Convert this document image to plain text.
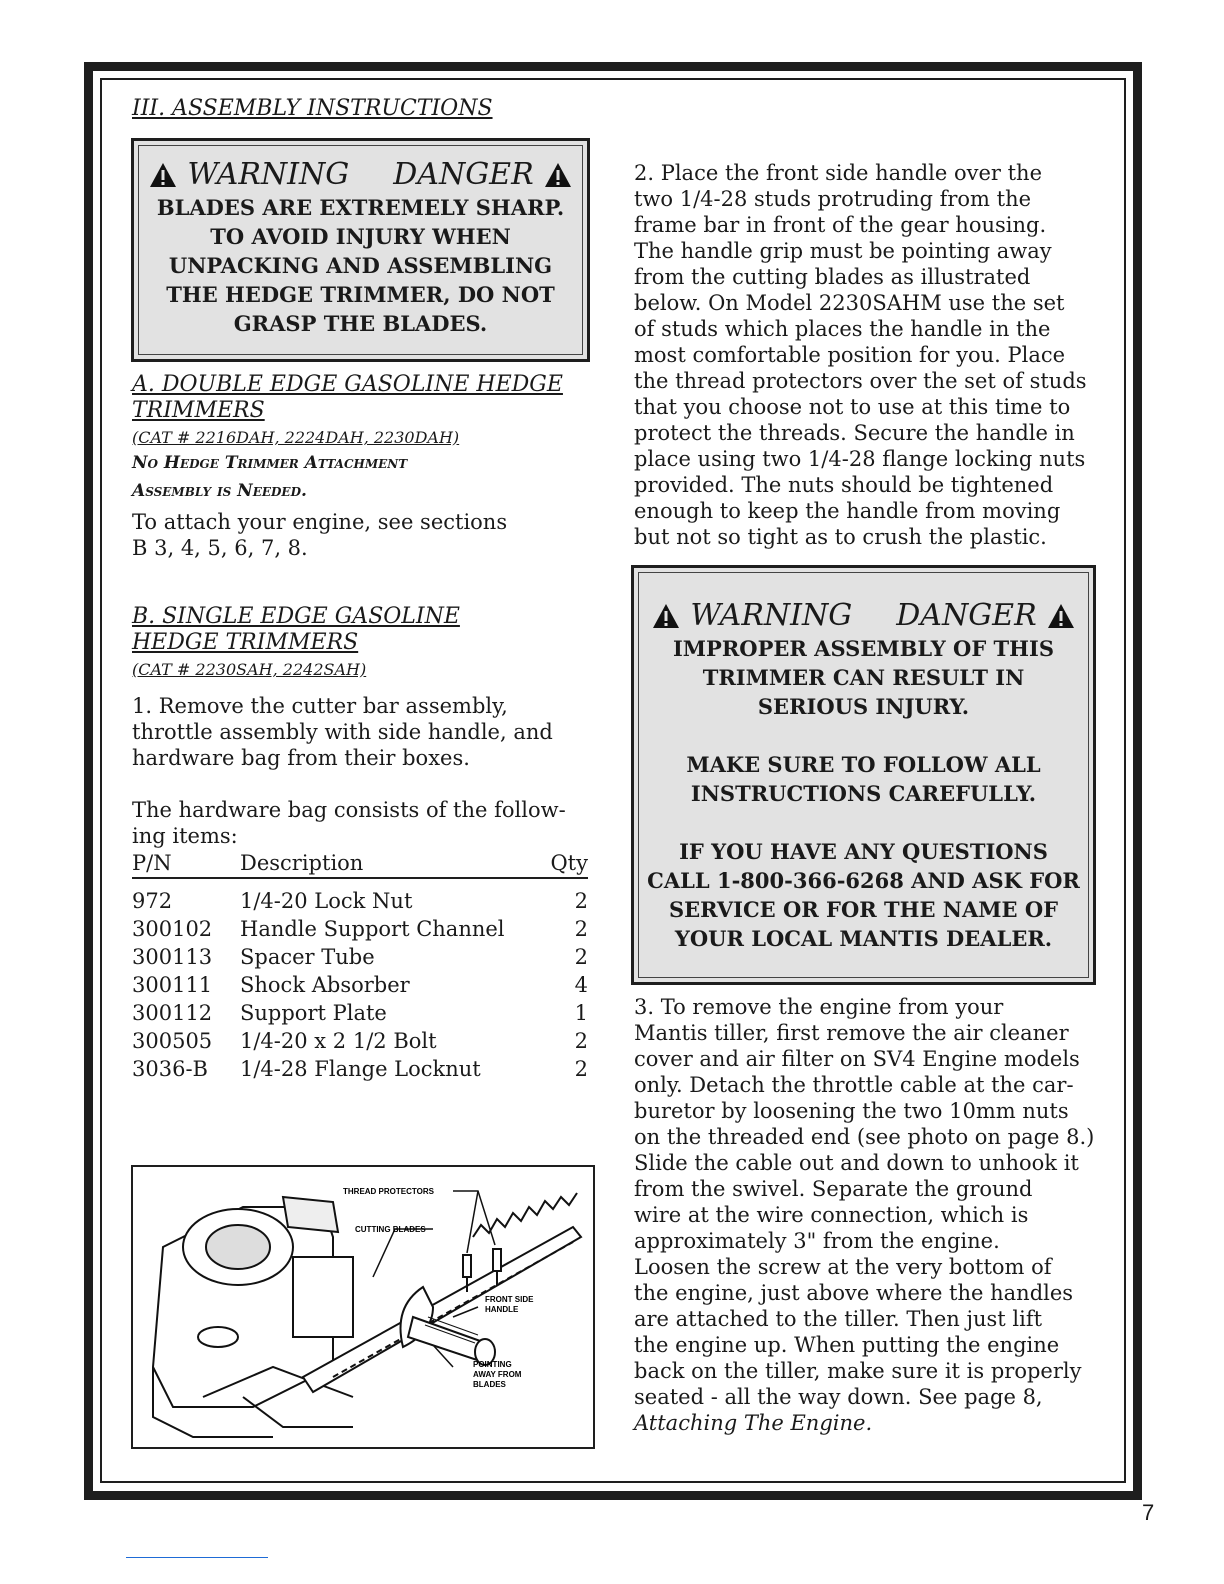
III. ASSEMBLY INSTRUCTIONS

WARNING DANGER
BLADES ARE EXTREMELY SHARP.
TO AVOID INJURY WHEN
UNPACKING AND ASSEMBLING
THE HEDGE TRIMMER, DO NOT
GRASP THE BLADES.

A. DOUBLE EDGE GASOLINE HEDGE

TRIMMERS

(CAT # 2216DAH, 2224DAH, 2230DAH)

No Hedge Trimmer Attachment

Assembly is Needed.

To attach your engine, see sections

B 3, 4, 5, 6, 7, 8.

B. SINGLE EDGE GASOLINE

HEDGE TRIMMERS

(CAT # 2230SAH, 2242SAH)

1. Remove the cutter bar assembly,

throttle assembly with side handle, and

hardware bag from their boxes.

The hardware bag consists of the follow-

ing items:

P/N	Description	Qty

972	1/4-20 Lock Nut	2
300102	Handle Support Channel	2
300113	Spacer Tube	2
300111	Shock Absorber	4
300112	Support Plate	1
300505	1/4-20 x 2 1/2 Bolt	2
3036-B	1/4-28 Flange Locknut	2
THREAD PROTECTORS
CUTTING BLADES
FRONT SIDE
HANDLE
POINTING
AWAY FROM
BLADES

2. Place the front side handle over the

two 1/4-28 studs protruding from the

frame bar in front of the gear housing.

The handle grip must be pointing away

from the cutting blades as illustrated

below. On Model 2230SAHM use the set

of studs which places the handle in the

most comfortable position for you. Place

the thread protectors over the set of studs

that you choose not to use at this time to

protect the threads. Secure the handle in

place using two 1/4-28 flange locking nuts

provided. The nuts should be tightened

enough to keep the handle from moving

but not so tight as to crush the plastic.

WARNING DANGER
IMPROPER ASSEMBLY OF THIS
TRIMMER CAN RESULT IN
SERIOUS INJURY.
MAKE SURE TO FOLLOW ALL
INSTRUCTIONS CAREFULLY.
IF YOU HAVE ANY QUESTIONS
CALL 1-800-366-6268 AND ASK FOR
SERVICE OR FOR THE NAME OF
YOUR LOCAL MANTIS DEALER.

3. To remove the engine from your

Mantis tiller, first remove the air cleaner

cover and air filter on SV4 Engine models

only. Detach the throttle cable at the car-

buretor by loosening the two 10mm nuts

on the threaded end (see photo on page 8.)

Slide the cable out and down to unhook it

from the swivel. Separate the ground

wire at the wire connection, which is

approximately 3" from the engine.

Loosen the screw at the very bottom of

the engine, just above where the handles

are attached to the tiller. Then just lift

the engine up. When putting the engine

back on the tiller, make sure it is properly

seated - all the way down. See page 8,

Attaching The Engine.

7
